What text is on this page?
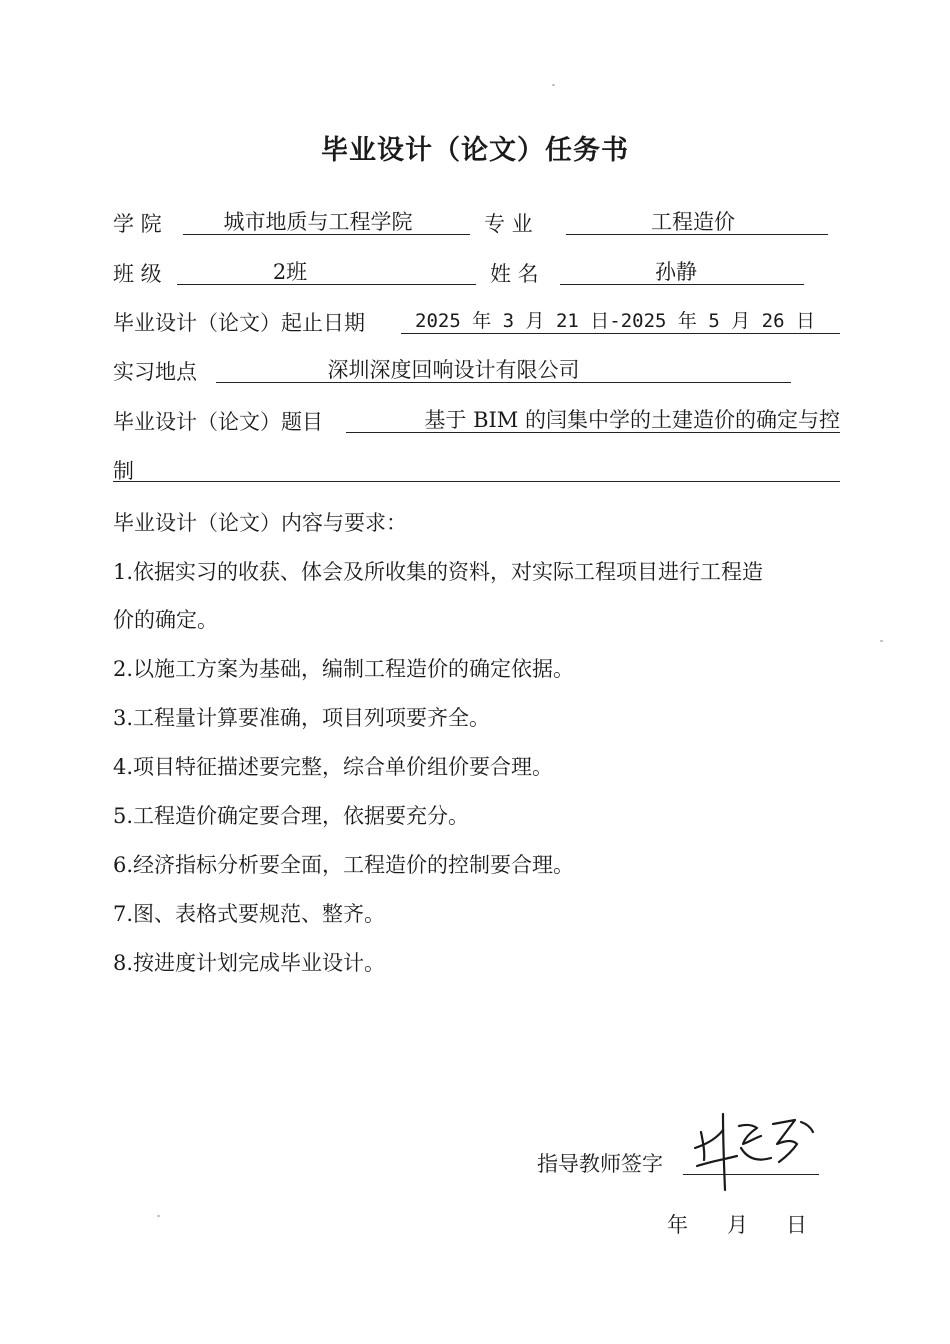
毕业设计（论文）任务书
学 院	城市地质与工程学院	专 业	工程造价
班 级	2班	姓 名	孙静
毕业设计（论文）起止日期	2025 年 3 月 21 日-2025 年 5 月 26 日
实习地点	深圳深度回响设计有限公司
毕业设计（论文）题目	基于 BIM 的闫集中学的土建造价的确定与控
制
毕业设计（论文）内容与要求：
1.依据实习的收获、体会及所收集的资料，对实际工程项目进行工程造
价的确定。
2.以施工方案为基础，编制工程造价的确定依据。
3.工程量计算要准确，项目列项要齐全。
4.项目特征描述要完整，综合单价组价要合理。
5.工程造价确定要合理，依据要充分。
6.经济指标分析要全面，工程造价的控制要合理。
7.图、表格式要规范、整齐。
8.按进度计划完成毕业设计。
指导教师签字
年 月 日
